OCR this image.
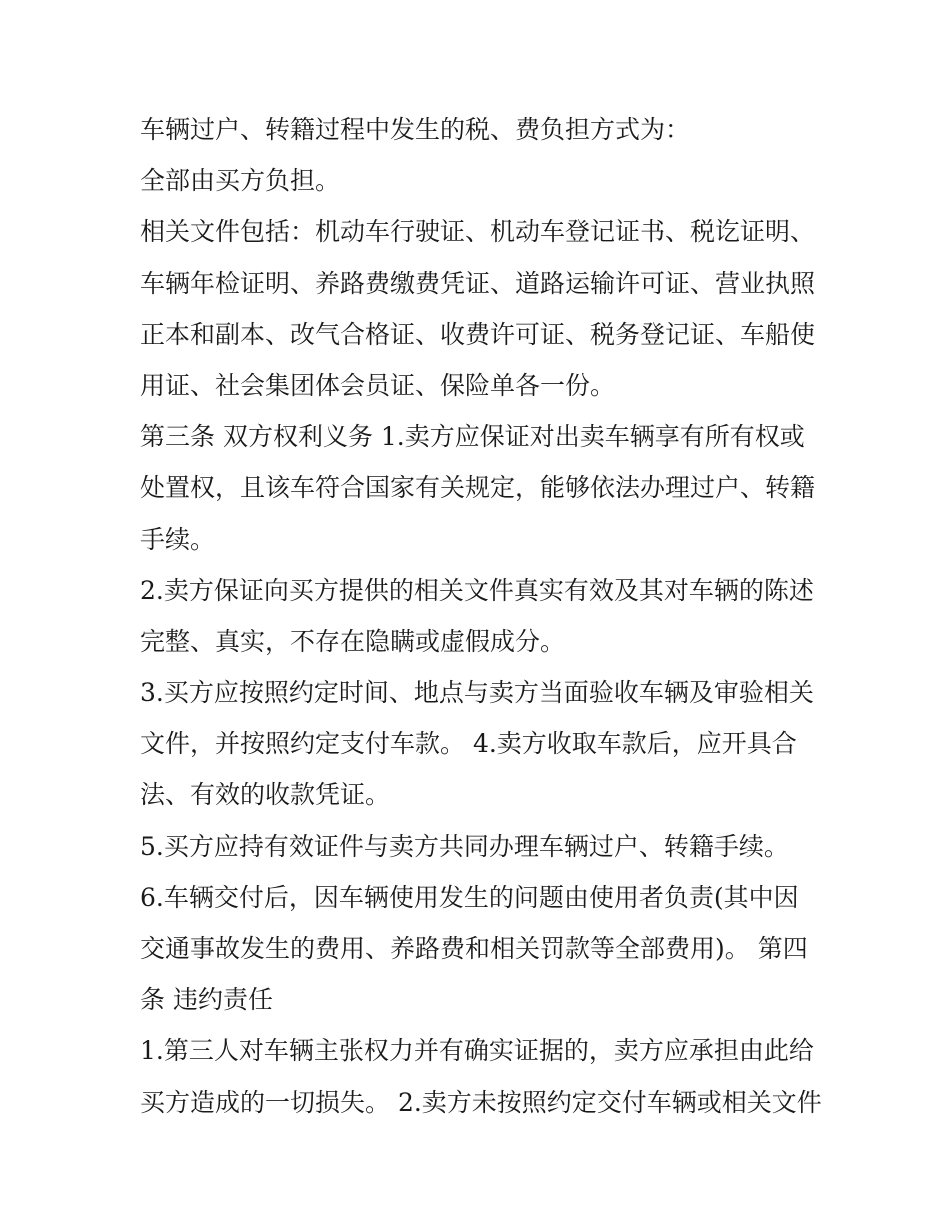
车辆过户、转籍过程中发生的税、费负担方式为：
全部由买方负担。
相关文件包括：机动车行驶证、机动车登记证书、税讫证明、
车辆年检证明、养路费缴费凭证、道路运输许可证、营业执照
正本和副本、改气合格证、收费许可证、税务登记证、车船使
用证、社会集团体会员证、保险单各一份。
第三条 双方权利义务 1.卖方应保证对出卖车辆享有所有权或
处置权，且该车符合国家有关规定，能够依法办理过户、转籍
手续。
2.卖方保证向买方提供的相关文件真实有效及其对车辆的陈述
完整、真实，不存在隐瞒或虚假成分。
3.买方应按照约定时间、地点与卖方当面验收车辆及审验相关
文件，并按照约定支付车款。 4.卖方收取车款后，应开具合
法、有效的收款凭证。
5.买方应持有效证件与卖方共同办理车辆过户、转籍手续。
6.车辆交付后，因车辆使用发生的问题由使用者负责(其中因
交通事故发生的费用、养路费和相关罚款等全部费用)。 第四
条 违约责任
1.第三人对车辆主张权力并有确实证据的，卖方应承担由此给
买方造成的一切损失。 2.卖方未按照约定交付车辆或相关文件
